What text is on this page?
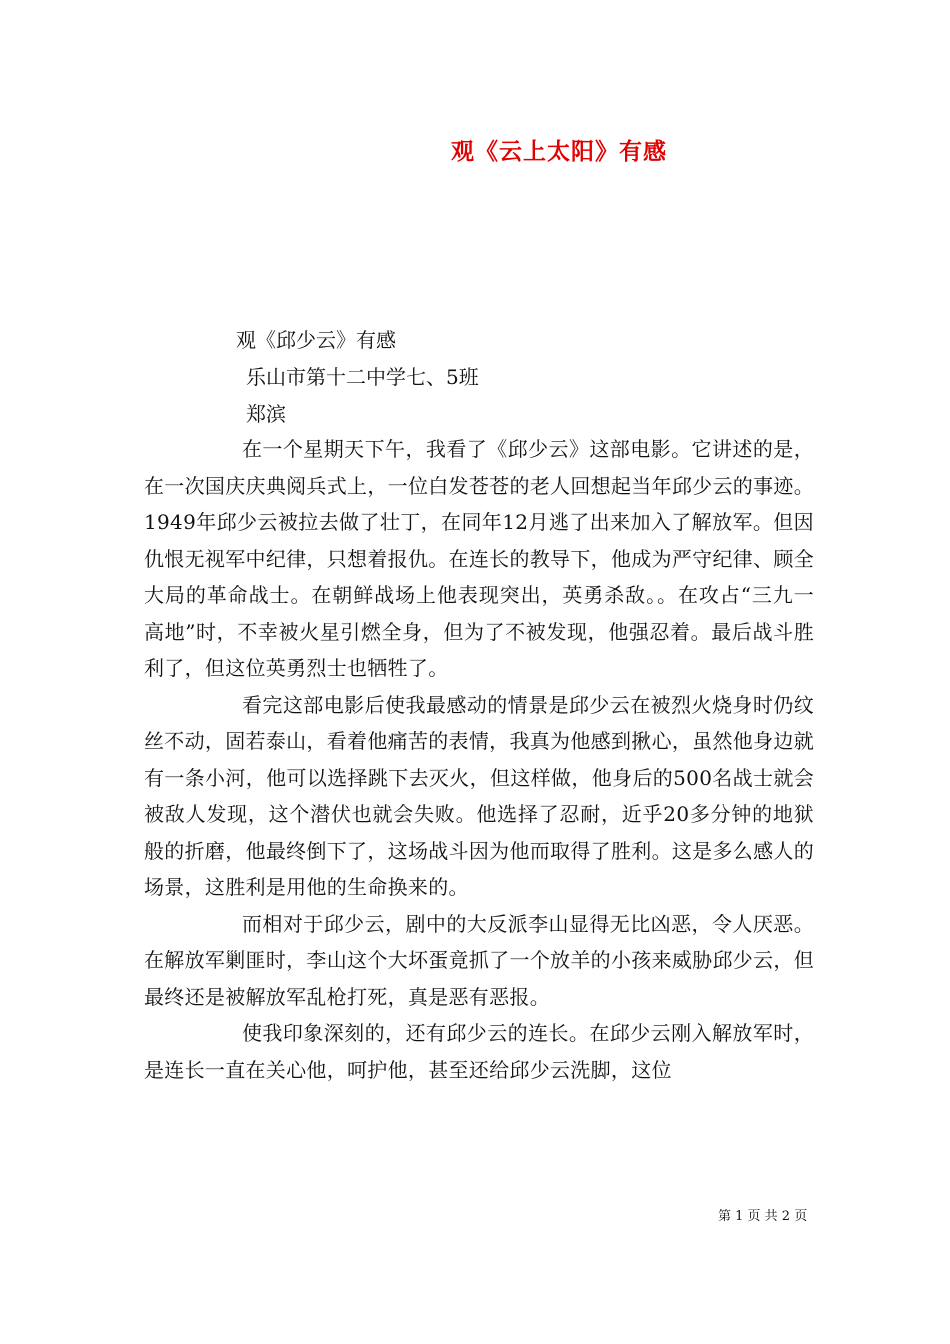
观《云上太阳》有感
观《邱少云》有感
乐山市第十二中学七、5班
郑滨

在一个星期天下午，我看了《邱少云》这部电影。它讲述的是，在一次国庆庆典阅兵式上，一位白发苍苍的老人回想起当年邱少云的事迹。1949年邱少云被拉去做了壮丁，在同年12月逃了出来加入了解放军。但因仇恨无视军中纪律，只想着报仇。在连长的教导下，他成为严守纪律、顾全大局的革命战士。在朝鲜战场上他表现突出，英勇杀敌。。在攻占“三九一高地”时，不幸被火星引燃全身，但为了不被发现，他强忍着。最后战斗胜利了，但这位英勇烈士也牺牲了。

看完这部电影后使我最感动的情景是邱少云在被烈火烧身时仍纹丝不动，固若泰山，看着他痛苦的表情，我真为他感到揪心，虽然他身边就有一条小河，他可以选择跳下去灭火，但这样做，他身后的500名战士就会被敌人发现，这个潜伏也就会失败。他选择了忍耐，近乎20多分钟的地狱般的折磨，他最终倒下了，这场战斗因为他而取得了胜利。这是多么感人的场景，这胜利是用他的生命换来的。

而相对于邱少云，剧中的大反派李山显得无比凶恶，令人厌恶。在解放军剿匪时，李山这个大坏蛋竟抓了一个放羊的小孩来威胁邱少云，但最终还是被解放军乱枪打死，真是恶有恶报。

使我印象深刻的，还有邱少云的连长。在邱少云刚入解放军时，是连长一直在关心他，呵护他，甚至还给邱少云洗脚，这位

第 1 页 共 2 页
